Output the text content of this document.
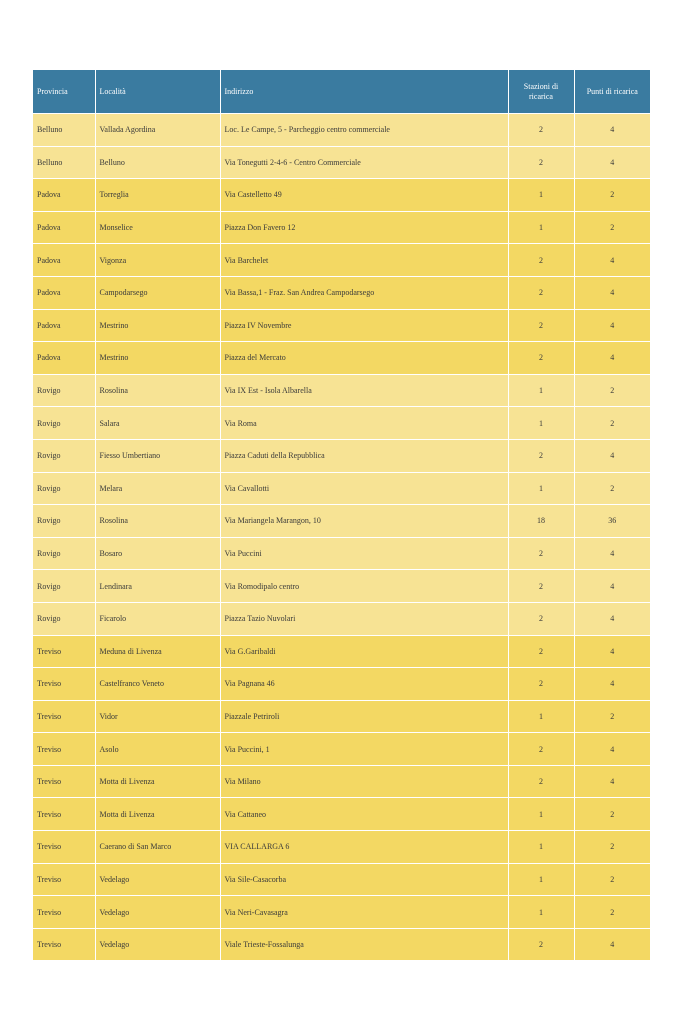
Provincia	Località	Indirizzo	Stazioni di ricarica	Punti di ricarica
Belluno	Vallada Agordina	Loc. Le Campe, 5 - Parcheggio centro commerciale	2	4
Belluno	Belluno	Via Tonegutti 2-4-6 - Centro Commerciale	2	4
Padova	Torreglia	Via Castelletto 49	1	2
Padova	Monselice	Piazza Don Favero 12	1	2
Padova	Vigonza	Via Barchelet	2	4
Padova	Campodarsego	Via Bassa,1 - Fraz. San Andrea Campodarsego	2	4
Padova	Mestrino	Piazza IV Novembre	2	4
Padova	Mestrino	Piazza del Mercato	2	4
Rovigo	Rosolina	Via IX Est - Isola Albarella	1	2
Rovigo	Salara	Via Roma	1	2
Rovigo	Fiesso Umbertiano	Piazza Caduti della Repubblica	2	4
Rovigo	Melara	Via Cavallotti	1	2
Rovigo	Rosolina	Via Mariangela Marangon, 10	18	36
Rovigo	Bosaro	Via Puccini	2	4
Rovigo	Lendinara	Via Romodipalo centro	2	4
Rovigo	Ficarolo	Piazza Tazio Nuvolari	2	4
Treviso	Meduna di Livenza	Via G.Garibaldi	2	4
Treviso	Castelfranco Veneto	Via Pagnana 46	2	4
Treviso	Vidor	Piazzale Petriroli	1	2
Treviso	Asolo	Via Puccini, 1	2	4
Treviso	Motta di Livenza	Via Milano	2	4
Treviso	Motta di Livenza	Via Cattaneo	1	2
Treviso	Caerano di San Marco	VIA CALLARGA 6	1	2
Treviso	Vedelago	Via Sile-Casacorba	1	2
Treviso	Vedelago	Via Neri-Cavasagra	1	2
Treviso	Vedelago	Viale Trieste-Fossalunga	2	4
